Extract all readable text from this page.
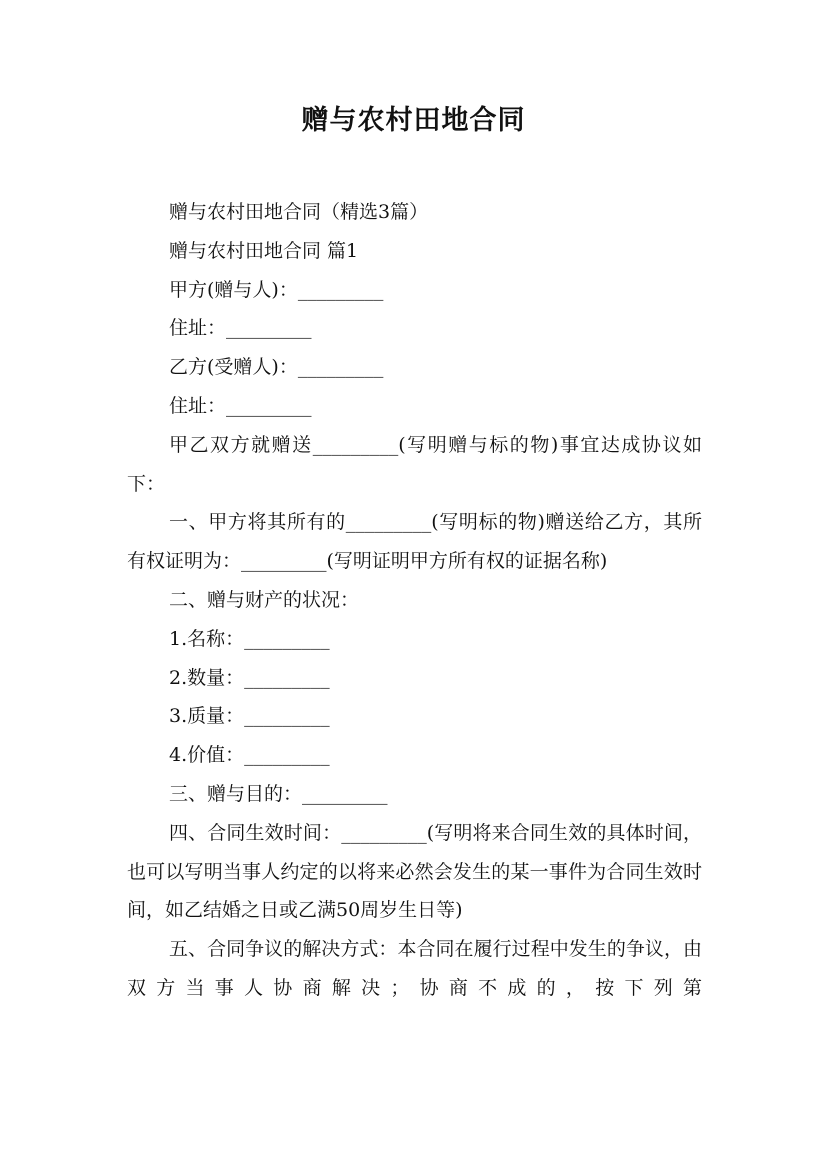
赠与农村田地合同

赠与农村田地合同（精选3篇）

赠与农村田地合同 篇1

甲方(赠与人)：_________

住址：_________

乙方(受赠人)：_________

住址：_________

甲乙双方就赠送_________(写明赠与标的物)事宜达成协议如下：

一、甲方将其所有的_________(写明标的物)赠送给乙方，其所有权证明为：_________(写明证明甲方所有权的证据名称)

二、赠与财产的状况：

1.名称：_________

2.数量：_________

3.质量：_________

4.价值：_________

三、赠与目的：_________

四、合同生效时间：_________(写明将来合同生效的具体时间，也可以写明当事人约定的以将来必然会发生的某一事件为合同生效时间，如乙结婚之日或乙满50周岁生日等)

五、合同争议的解决方式：本合同在履行过程中发生的争议，由双方当事人协商解决；协商不成的，按下列第
